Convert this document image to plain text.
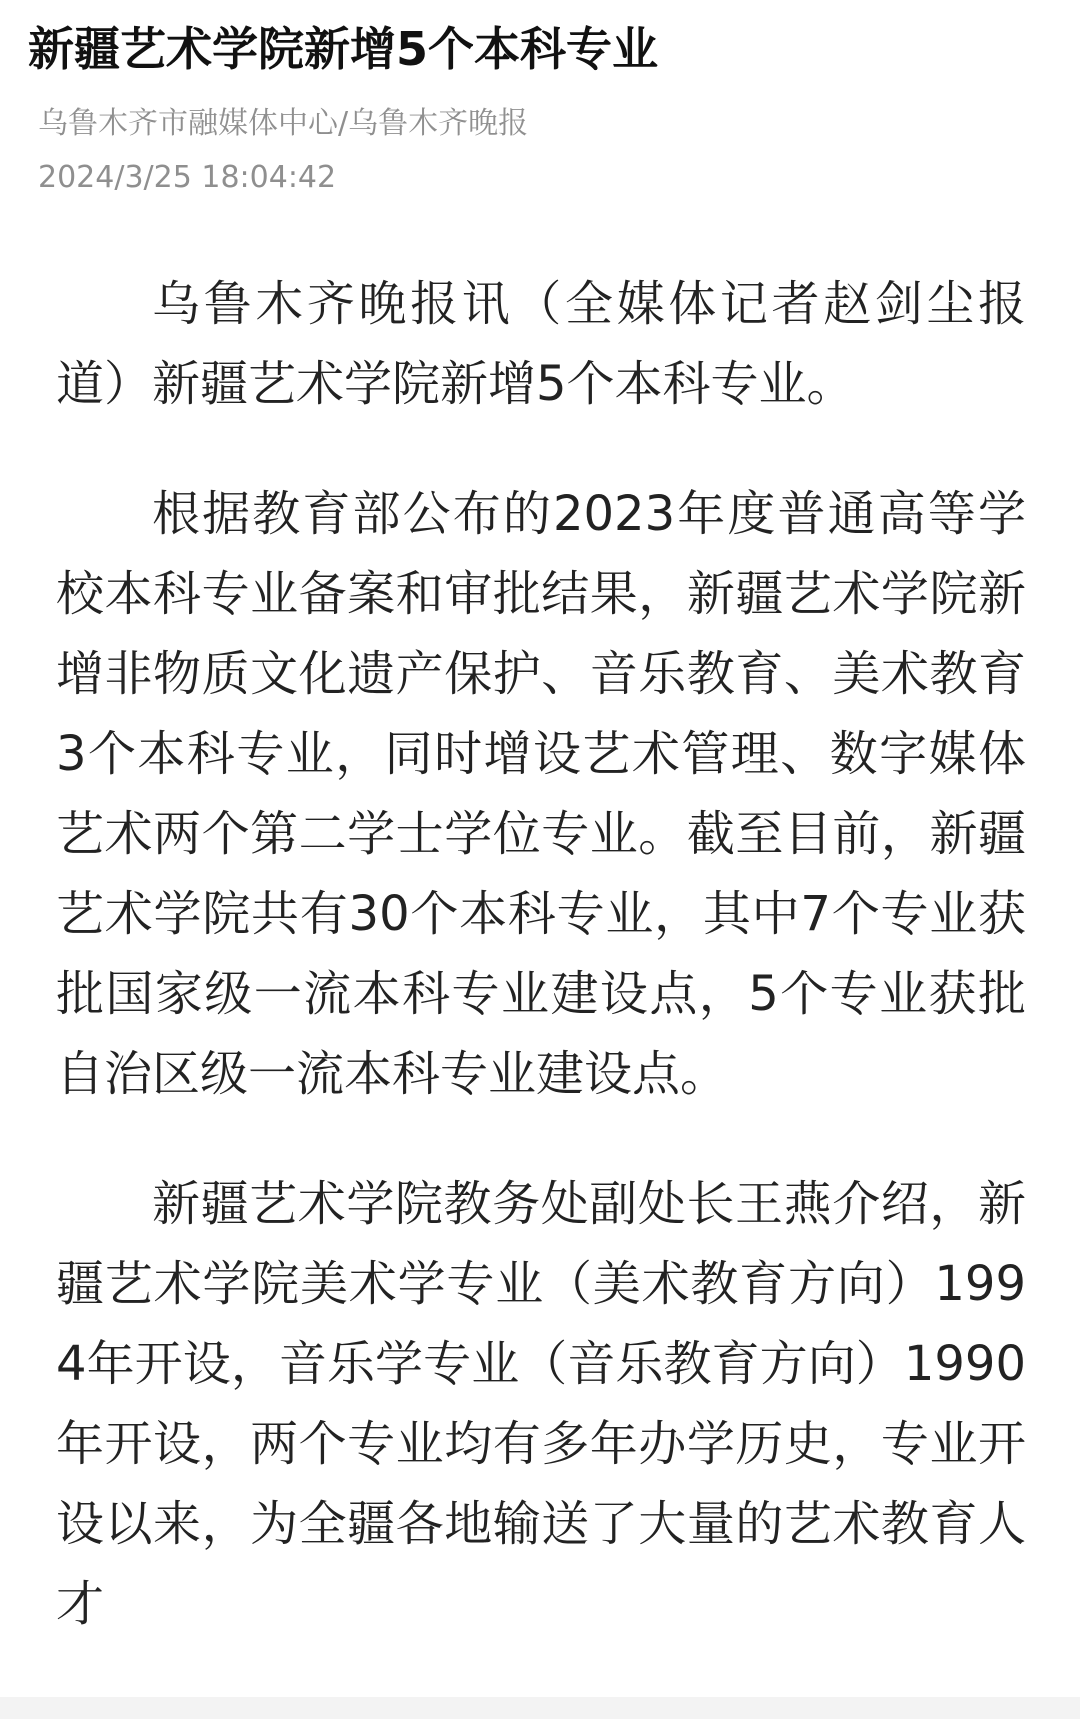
新疆艺术学院新增5个本科专业
乌鲁木齐市融媒体中心/乌鲁木齐晚报
2024/3/25 18:04:42

乌鲁木齐晚报讯（全媒体记者赵剑尘报道）新疆艺术学院新增5个本科专业。

根据教育部公布的2023年度普通高等学校本科专业备案和审批结果，新疆艺术学院新增非物质文化遗产保护、音乐教育、美术教育3个本科专业，同时增设艺术管理、数字媒体艺术两个第二学士学位专业。截至目前，新疆艺术学院共有30个本科专业，其中7个专业获批国家级一流本科专业建设点，5个专业获批自治区级一流本科专业建设点。

新疆艺术学院教务处副处长王燕介绍，新疆艺术学院美术学专业（美术教育方向）1994年开设，音乐学专业（音乐教育方向）1990年开设，两个专业均有多年办学历史，专业开设以来，为全疆各地输送了大量的艺术教育人才
